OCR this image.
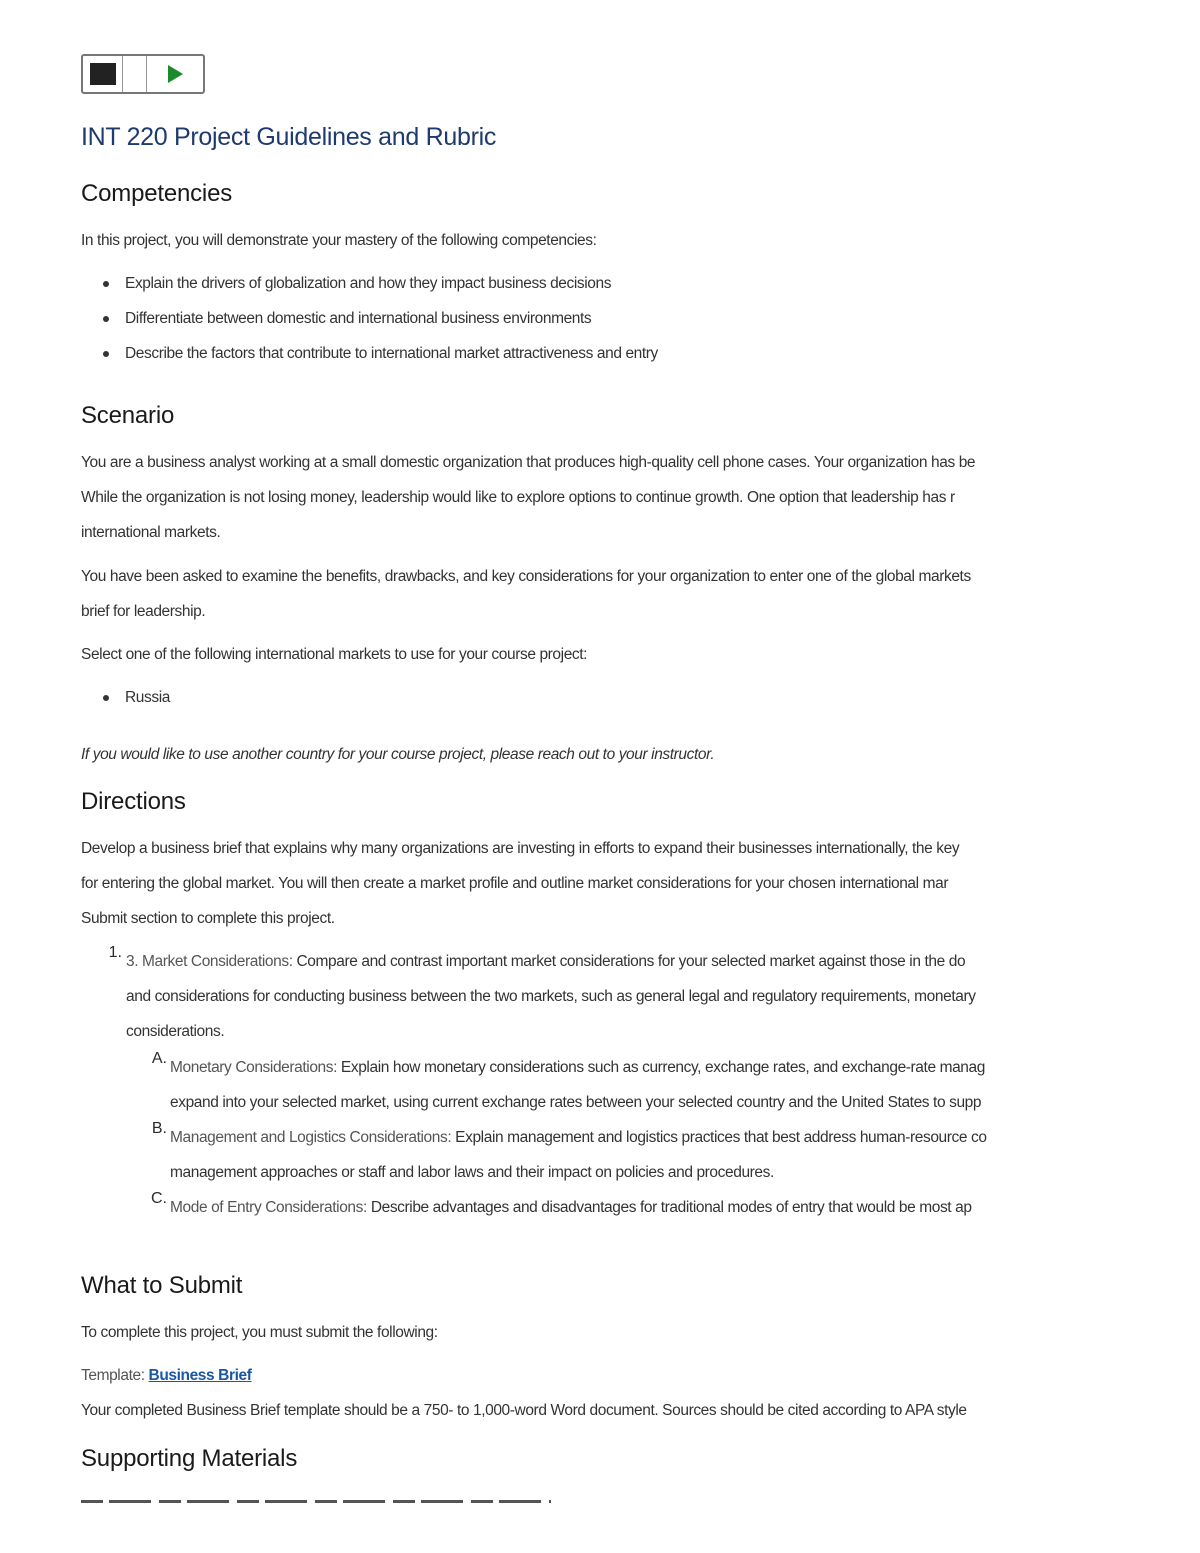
INT 220 Project Guidelines and Rubric
Competencies

In this project, you will demonstrate your mastery of the following competencies:

Explain the drivers of globalization and how they impact business decisions
Differentiate between domestic and international business environments
Describe the factors that contribute to international market attractiveness and entry
Scenario

You are a business analyst working at a small domestic organization that produces high-quality cell phone cases. Your organization has be

While the organization is not losing money, leadership would like to explore options to continue growth. One option that leadership has r

international markets.

You have been asked to examine the benefits, drawbacks, and key considerations for your organization to enter one of the global markets

brief for leadership.

Select one of the following international markets to use for your course project:

Russia

If you would like to use another country for your course project, please reach out to your instructor.

Directions

Develop a business brief that explains why many organizations are investing in efforts to expand their businesses internationally, the key

for entering the global market. You will then create a market profile and outline market considerations for your chosen international mar

Submit section to complete this project.

1.

3. Market Considerations: Compare and contrast important market considerations for your selected market against those in the do

and considerations for conducting business between the two markets, such as general legal and regulatory requirements, monetary

considerations.

A.

Monetary Considerations: Explain how monetary considerations such as currency, exchange rates, and exchange-rate manag

expand into your selected market, using current exchange rates between your selected country and the United States to supp

B.

Management and Logistics Considerations: Explain management and logistics practices that best address human-resource co

management approaches or staff and labor laws and their impact on policies and procedures.

C.

Mode of Entry Considerations: Describe advantages and disadvantages for traditional modes of entry that would be most ap

What to Submit

To complete this project, you must submit the following:

Template: Business Brief

Your completed Business Brief template should be a 750- to 1,000-word Word document. Sources should be cited according to APA style

Supporting Materials
